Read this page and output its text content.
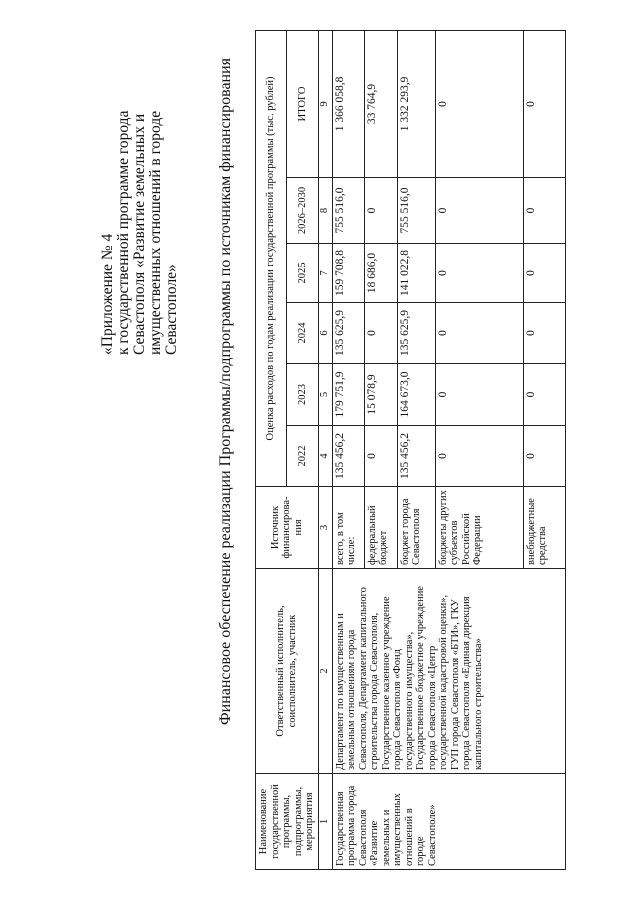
«Приложение № 4 к государственной программе города Севастополя «Развитие земельных и имущественных отношений в городе Севастополе» Финансовое обеспечение реализации Программы/подпрограммы по источникам финансирования
Наименование государственной программы, подпрограммы, мероприятия	Ответственный исполнитель, соисполнитель, участник	Источник финансирова-ния	Оценка расходов по годам реализации государственной программы (тыс. рублей)					
			2022	2023	2024	2025	2026–2030	ИТОГО
1	2	3	4	5	6	7	8	9
Государственная программа города Севастополя «Развитие земельных и имущественных отношений в городе Севастополе»	Департамент по имущественным и земельным отношениям города Севастополя, Департамент капитального строительства города Севастополя, Государственное казенное учреждение города Севастополя «Фонд государственного имущества», Государственное бюджетное учреждение города Севастополя «Центр государственной кадастровой оценки», ГУП города Севастополя «БТИ», ГКУ города Севастополя «Единая дирекция капитального строительства»	всего, в том числе:	135 456,2	179 751,9	135 625,9	159 708,8	755 516,0	1 366 058,8
		федеральный бюджет	0	15 078,9	0	18 686,0	0	33 764,9
		бюджет города Севастополя	135 456,2	164 673,0	135 625,9	141 022,8	755 516,0	1 332 293,9
		бюджеты других субъектов Российской Федерации	0	0	0	0	0	0
		внебюджетные средства	0	0	0	0	0	0
